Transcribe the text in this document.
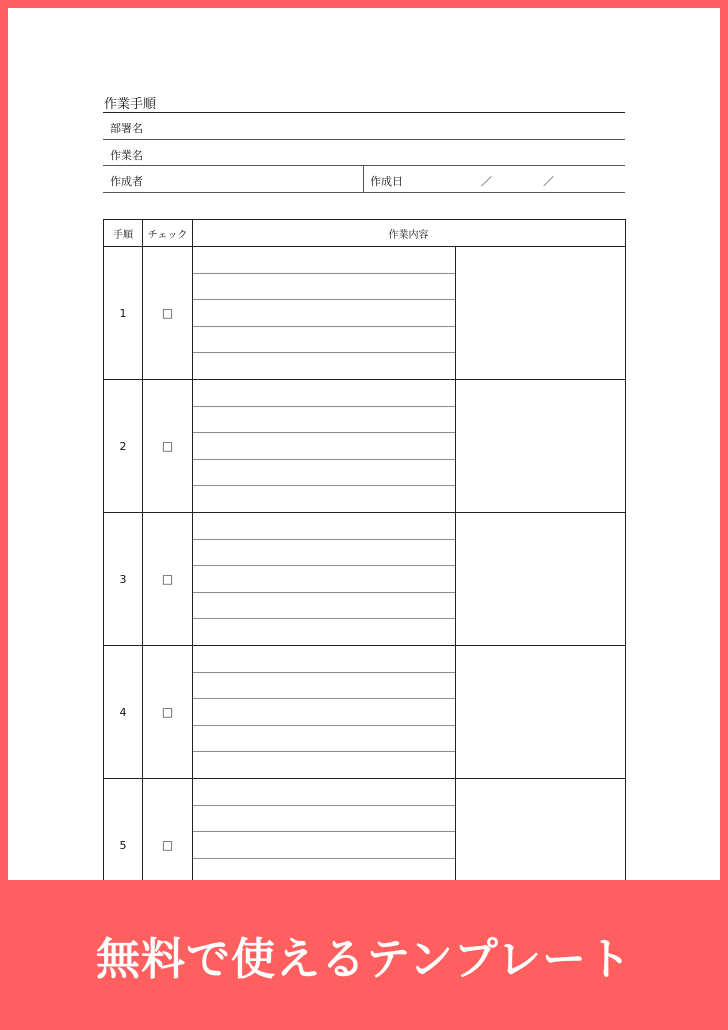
作業手順
部署名
作業名
作成者	作成日	／	／
手順	チェック	作業内容
1	□
2	□
3	□
4	□
5	□
無料で使えるテンプレート
